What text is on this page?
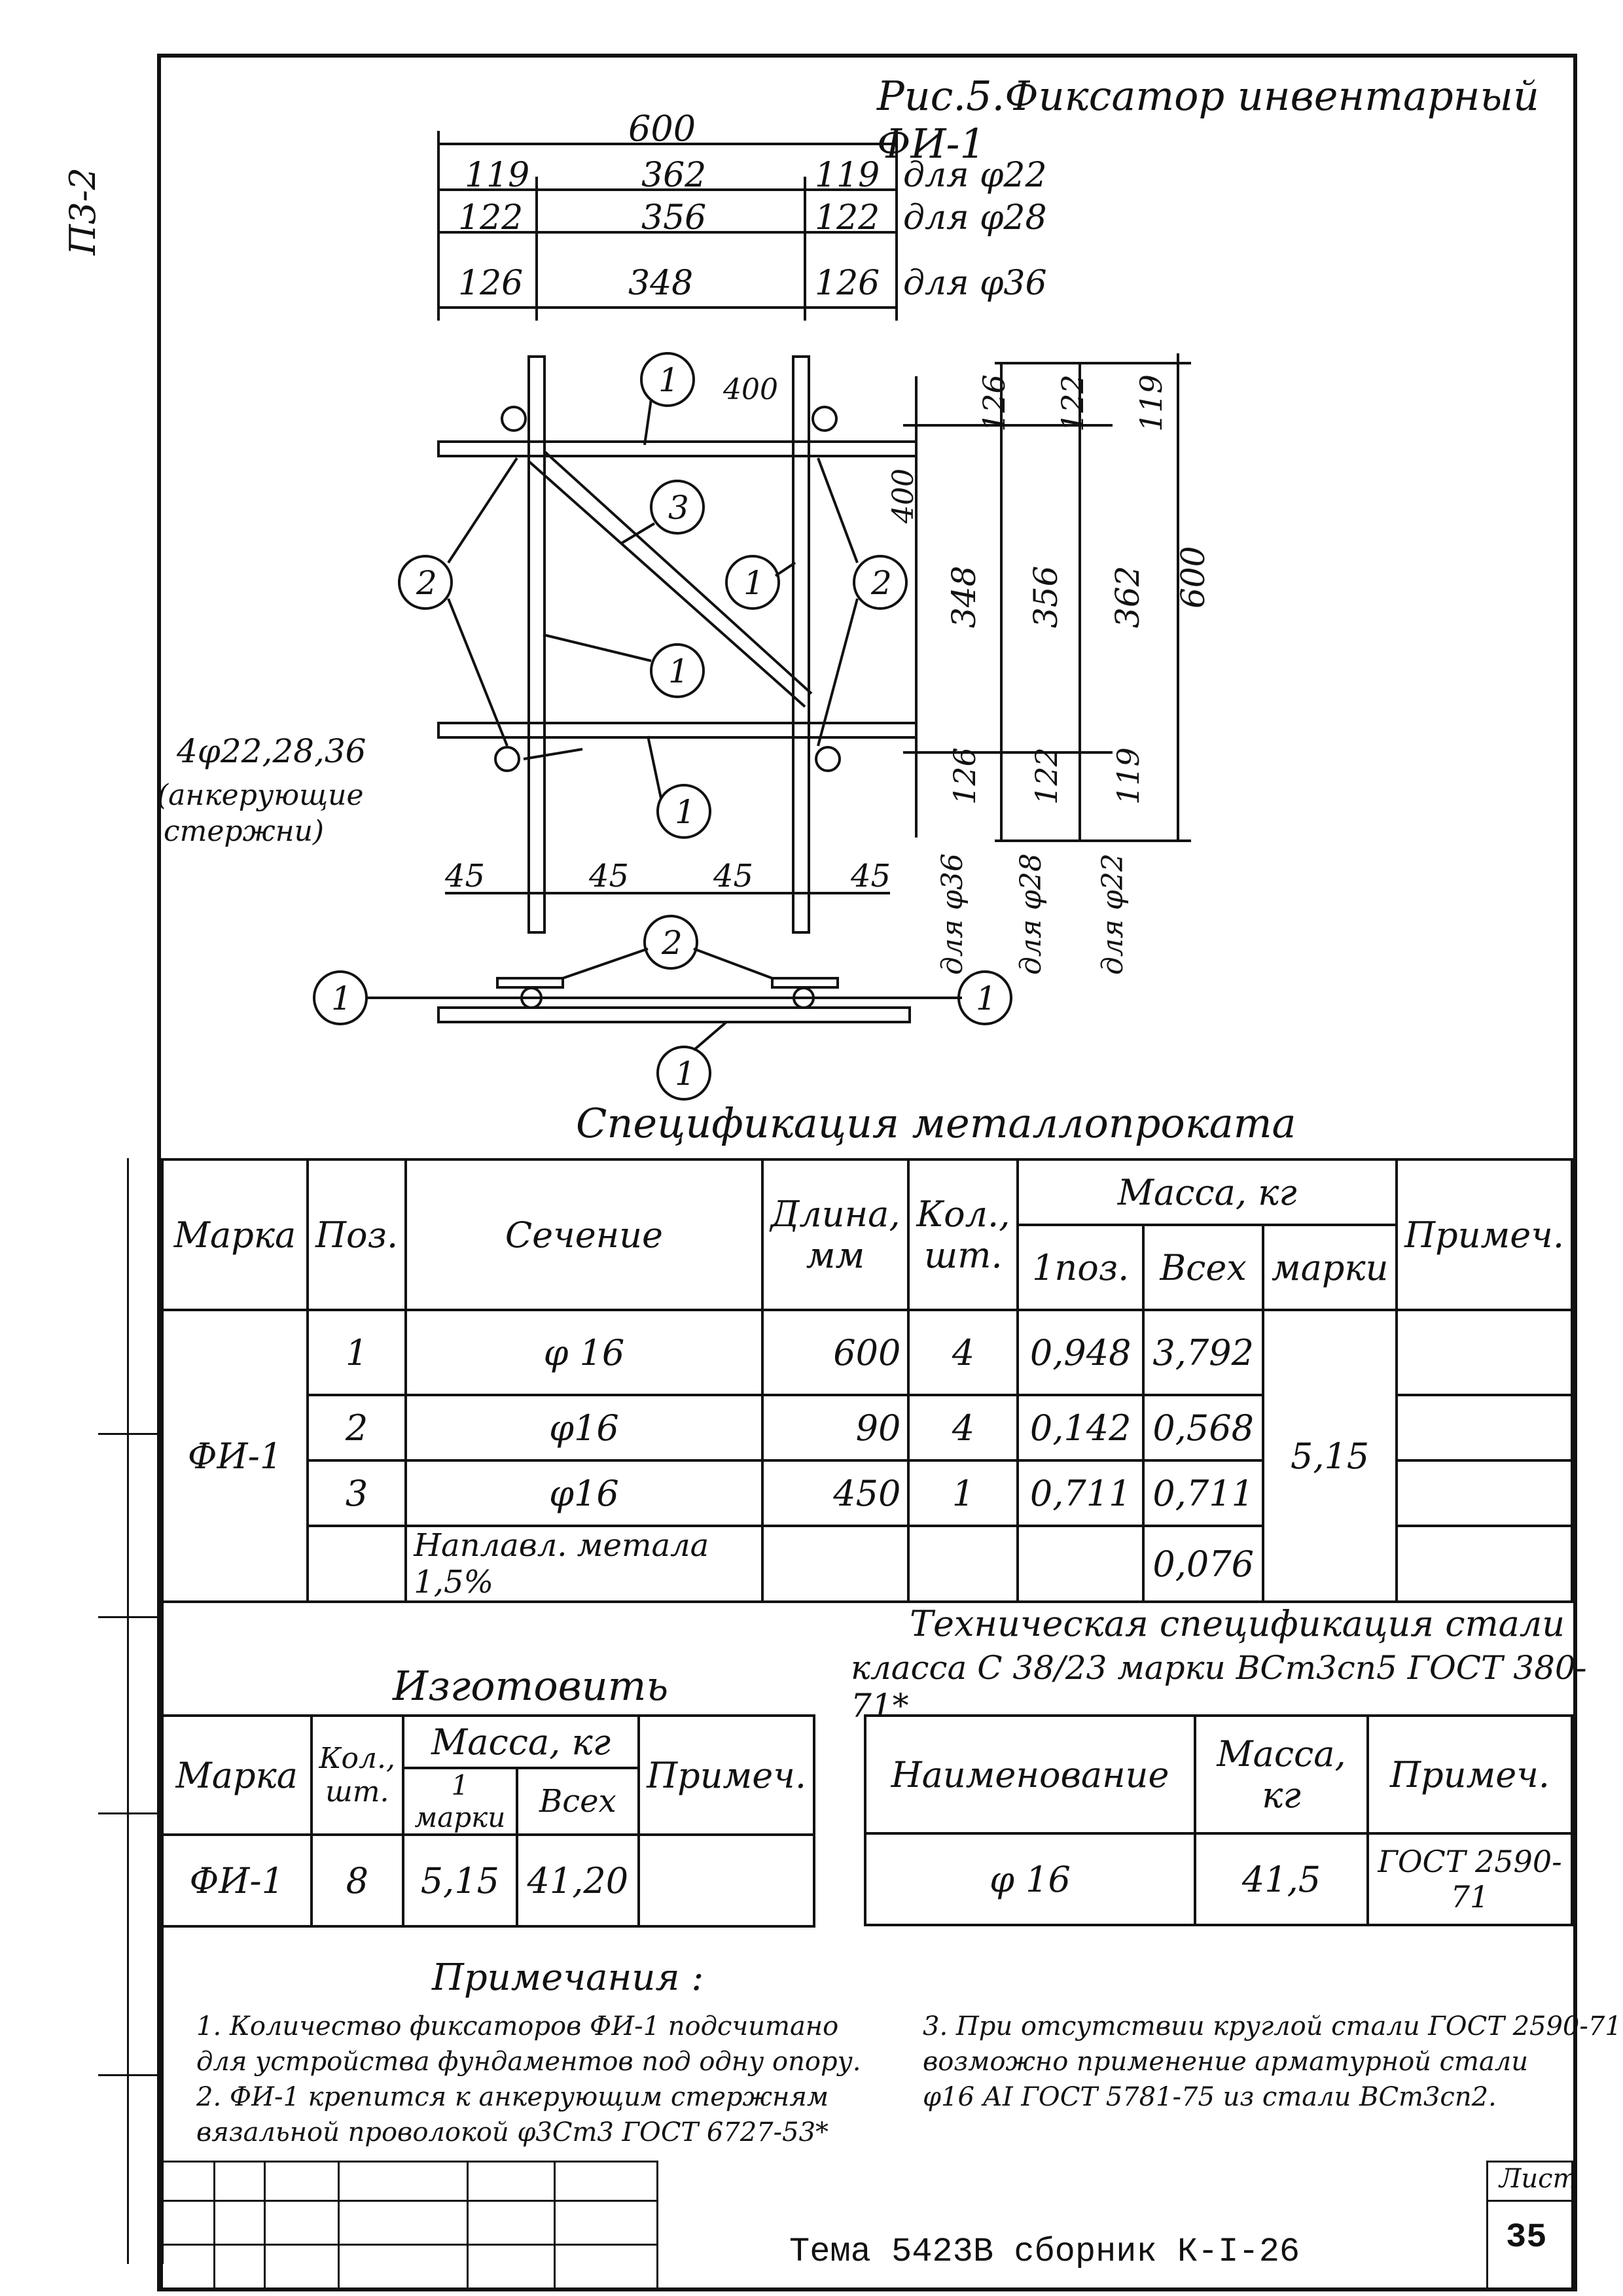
П3-2
Рис.5.Фиксатор инвентарный ФИ-1
600
119	362	119 для φ22
122	356	122 для φ28
126	348	126 для φ36
400
400
1
3
2	1	2
1
1
1	1
2
1
126 122 119
348 356 362 600
126 122 119
для φ36 для φ28 для φ22
45	45	45	45
4φ22,28,36
(анкерующие
стержни)
Спецификация металлопроката
Марка	Поз.	Сечение	Длина, мм	Кол., шт.	Масса, кг			Примеч.
					1поз.	Всех	марки	
ФИ-1	1	φ 16	600	4	0,948	3,792	5,15	
	2	φ16	90	4	0,142	0,568		
	3	φ16	450	1	0,711	0,711		
		Наплавл. метала 1,5%				0,076		
Техническая спецификация стали
класса С 38/23 марки ВСт3сп5 ГОСТ 380-71*
Изготовить
Марка	Кол., шт.	Масса, кг		Примеч.
		1 марки	Всех	
ФИ-1	8	5,15	41,20	
Наименование	Масса, кг	Примеч.
φ 16	41,5	ГОСТ 2590-71
Примечания :
1. Количество фиксаторов ФИ-1 подсчитано
для устройства фундаментов под одну опору.
2. ФИ-1 крепится к анкерующим стержням
вязальной проволокой φ3Ст3 ГОСТ 6727-53*
3. При отсутствии круглой стали ГОСТ 2590-71
возможно применение арматурной стали
φ16 АI ГОСТ 5781-75 из стали ВСт3сп2.
Лист
35
Тема 5423В сборник К-I-26
